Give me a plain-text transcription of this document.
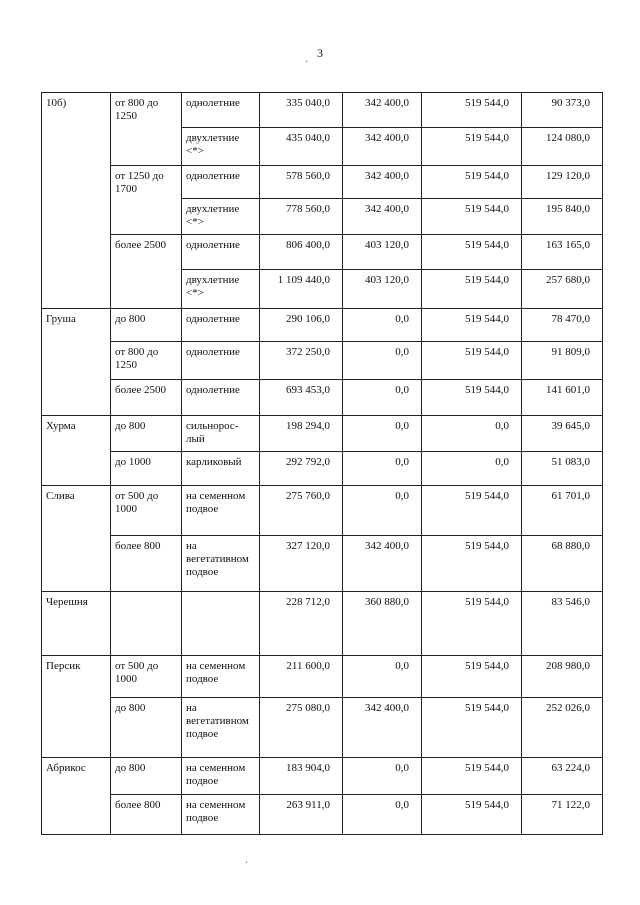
3
10б)	от 800 до 1250	однолетние	335 040,0	342 400,0	519 544,0	90 373,0
		двухлетние <*>	435 040,0	342 400,0	519 544,0	124 080,0
	от 1250 до 1700	однолетние	578 560,0	342 400,0	519 544,0	129 120,0
		двухлетние <*>	778 560,0	342 400,0	519 544,0	195 840,0
	более 2500	однолетние	806 400,0	403 120,0	519 544,0	163 165,0
		двухлетние <*>	1 109 440,0	403 120,0	519 544,0	257 680,0
Груша	до 800	однолетние	290 106,0	0,0	519 544,0	78 470,0
	от 800 до 1250	однолетние	372 250,0	0,0	519 544,0	91 809,0
	более 2500	однолетние	693 453,0	0,0	519 544,0	141 601,0
Хурма	до 800	сильнорос-лый	198 294,0	0,0	0,0	39 645,0
	до 1000	карликовый	292 792,0	0,0	0,0	51 083,0
Слива	от 500 до 1000	на семенном подвое	275 760,0	0,0	519 544,0	61 701,0
	более 800	на вегетативном подвое	327 120,0	342 400,0	519 544,0	68 880,0
Черешня			228 712,0	360 880,0	519 544,0	83 546,0
Персик	от 500 до 1000	на семенном подвое	211 600,0	0,0	519 544,0	208 980,0
	до 800	на вегетативном подвое	275 080,0	342 400,0	519 544,0	252 026,0
Абрикос	до 800	на семенном подвое	183 904,0	0,0	519 544,0	63 224,0
	более 800	на семенном подвое	263 911,0	0,0	519 544,0	71 122,0
·
·
